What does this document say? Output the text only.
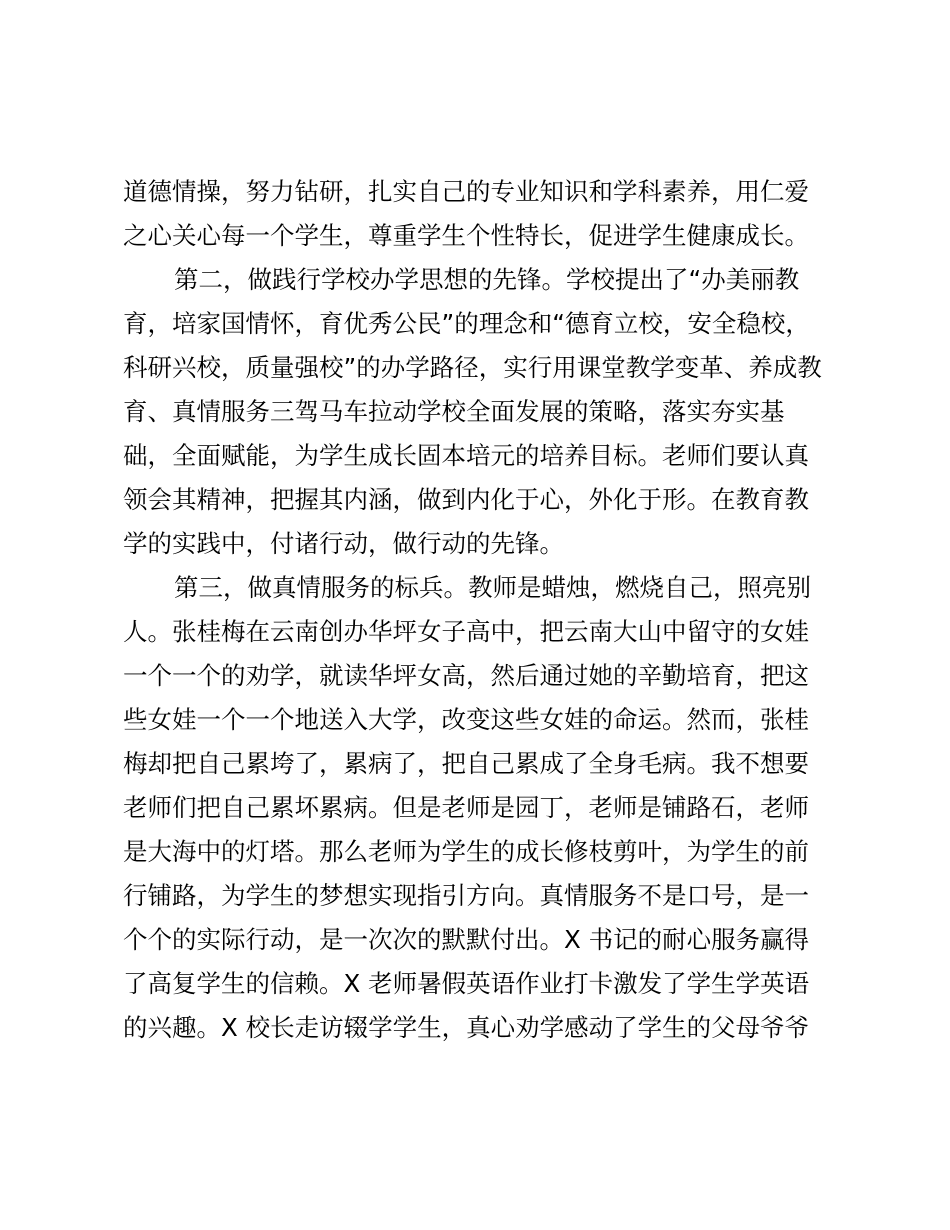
道德情操，努力钻研，扎实自己的专业知识和学科素养，用仁爱
之心关心每一个学生，尊重学生个性特长，促进学生健康成长。
第二，做践行学校办学思想的先锋。学校提出了“办美丽教
育，培家国情怀，育优秀公民”的理念和“德育立校，安全稳校，
科研兴校，质量强校”的办学路径，实行用课堂教学变革、养成教
育、真情服务三驾马车拉动学校全面发展的策略，落实夯实基
础，全面赋能，为学生成长固本培元的培养目标。老师们要认真
领会其精神，把握其内涵，做到内化于心，外化于形。在教育教
学的实践中，付诸行动，做行动的先锋。
第三，做真情服务的标兵。教师是蜡烛，燃烧自己，照亮别
人。张桂梅在云南创办华坪女子高中，把云南大山中留守的女娃
一个一个的劝学，就读华坪女高，然后通过她的辛勤培育，把这
些女娃一个一个地送入大学，改变这些女娃的命运。然而，张桂
梅却把自己累垮了，累病了，把自己累成了全身毛病。我不想要
老师们把自己累坏累病。但是老师是园丁，老师是铺路石，老师
是大海中的灯塔。那么老师为学生的成长修枝剪叶，为学生的前
行铺路，为学生的梦想实现指引方向。真情服务不是口号，是一
个个的实际行动，是一次次的默默付出。X 书记的耐心服务赢得
了高复学生的信赖。X 老师暑假英语作业打卡激发了学生学英语
的兴趣。X 校长走访辍学学生，真心劝学感动了学生的父母爷爷
